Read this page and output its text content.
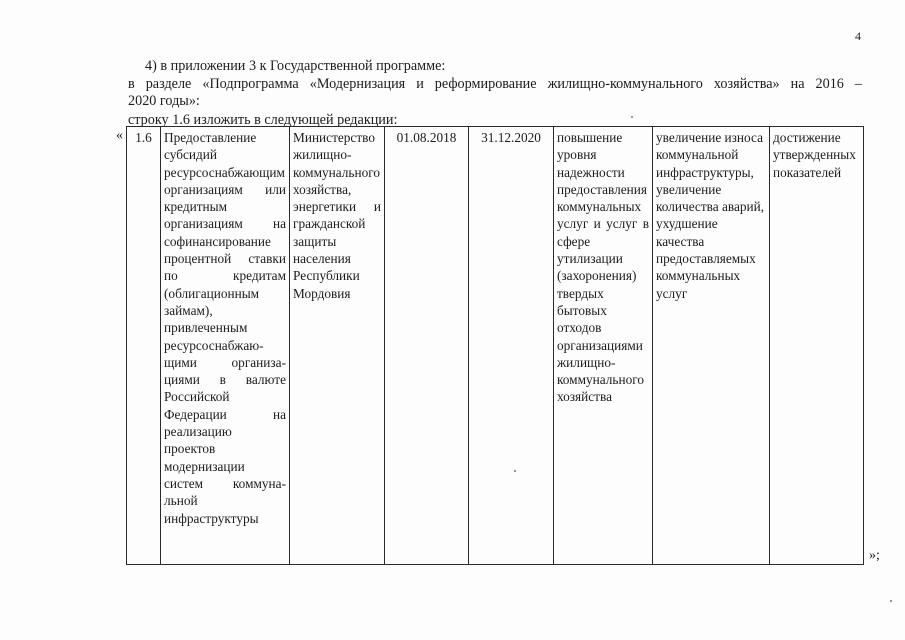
4
4) в приложении 3 к Государственной программе:
в разделе «Подпрограмма «Модернизация и реформирование жилищно-коммунального хозяйства» на 2016 –
2020 годы»:
строку 1.6 изложить в следующей редакции:
« 1.6	Предоставление субсидий ресурсоснабжающим организациям или кредитным организациям на софинансирование процентной ставки по кредитам (облигационным займам), привлеченным ресурсоснабжающими организациями в валюте Российской Федерации на реализацию проектов модернизации систем коммунальной инфраструктуры	Министерство жилищно-коммунального хозяйства, энергетики и гражданской защиты населения Республики Мордовия	01.08.2018	31.12.2020	повышение уровня надежности предоставления коммунальных услуг и услуг в сфере утилизации (захоронения) твердых бытовых отходов организациями жилищно-коммунального хозяйства	увеличение износа коммунальной инфраструктуры, увеличение количества аварий, ухудшение качества предоставляемых коммунальных услуг	достижение утвержденных показателей
»;
